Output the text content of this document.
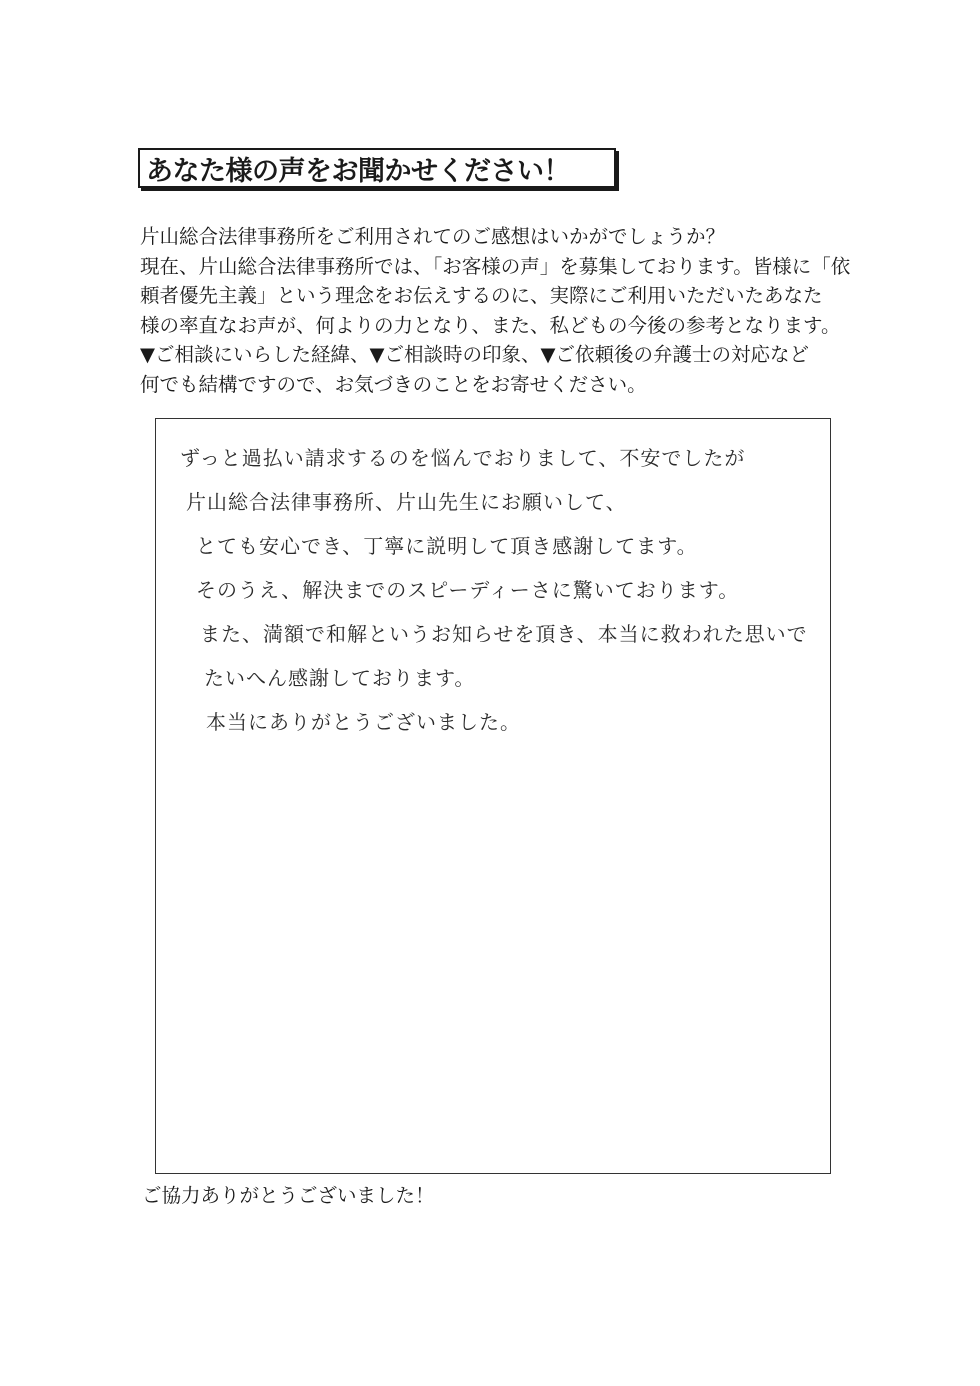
あなた様の声をお聞かせください！
片山総合法律事務所をご利用されてのご感想はいかがでしょうか？
現在、片山総合法律事務所では、「お客様の声」を募集しております。皆様に「依
頼者優先主義」という理念をお伝えするのに、実際にご利用いただいたあなた
様の率直なお声が、何よりの力となり、また、私どもの今後の参考となります。
▼ご相談にいらした経緯、▼ご相談時の印象、▼ご依頼後の弁護士の対応など
何でも結構ですので、お気づきのことをお寄せください。
ずっと過払い請求するのを悩んでおりまして、不安でしたが
片山総合法律事務所、片山先生にお願いして、
とても安心でき、丁寧に説明して頂き感謝してます。
そのうえ、解決までのスピーディーさに驚いております。
また、満額で和解というお知らせを頂き、本当に救われた思いで
たいへん感謝しております。
本当にありがとうございました。
ご協力ありがとうございました！
